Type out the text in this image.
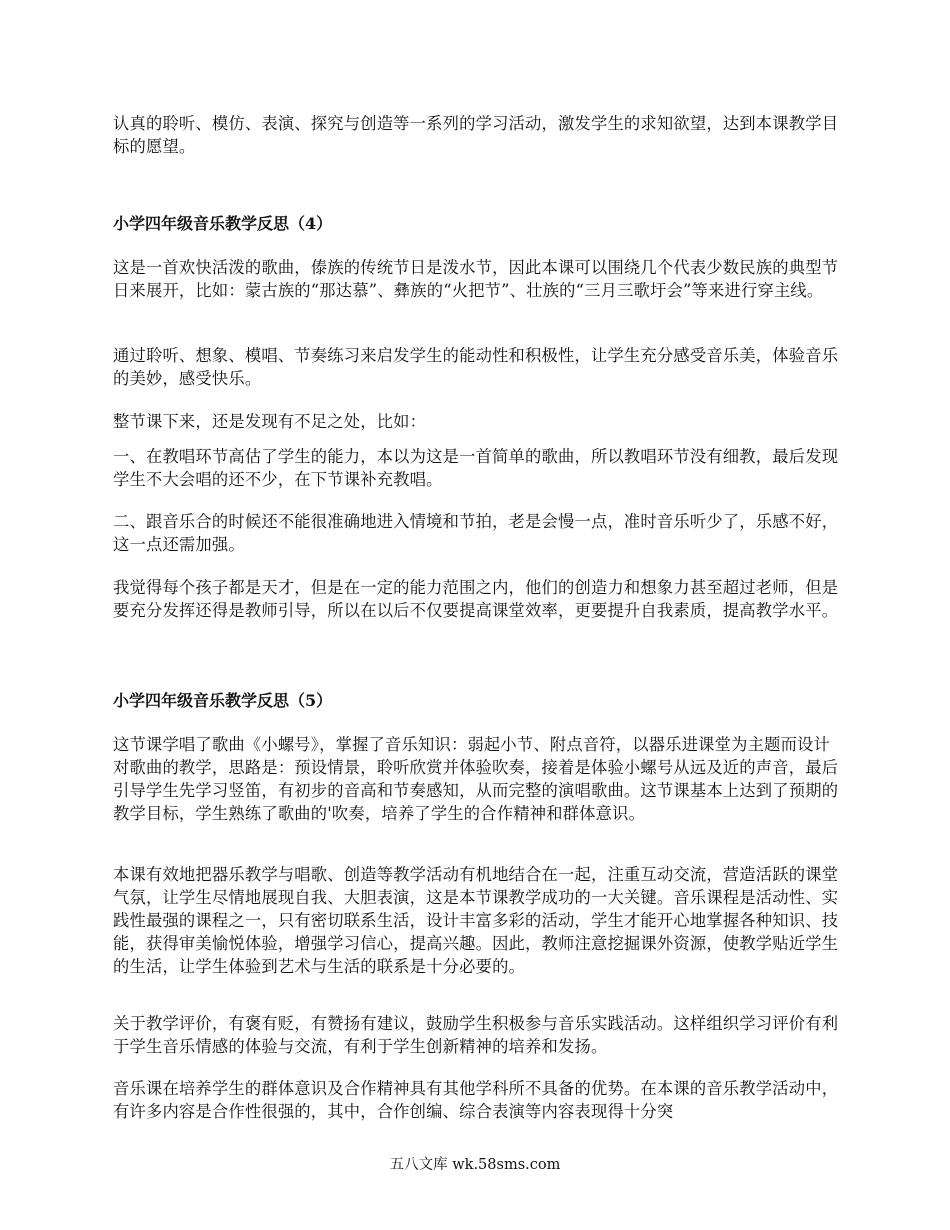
认真的聆听、模仿、表演、探究与创造等一系列的学习活动，激发学生的求知欲望，达到本课教学目标的愿望。

小学四年级音乐教学反思（4）

这是一首欢快活泼的歌曲，傣族的传统节日是泼水节，因此本课可以围绕几个代表少数民族的典型节日来展开，比如：蒙古族的“那达慕”、彝族的“火把节”、壮族的“三月三歌圩会”等来进行穿主线。

通过聆听、想象、模唱、节奏练习来启发学生的能动性和积极性，让学生充分感受音乐美，体验音乐的美妙，感受快乐。

整节课下来，还是发现有不足之处，比如：

一、在教唱环节高估了学生的能力，本以为这是一首简单的歌曲，所以教唱环节没有细教，最后发现学生不大会唱的还不少，在下节课补充教唱。

二、跟音乐合的时候还不能很准确地进入情境和节拍，老是会慢一点，准时音乐听少了，乐感不好，这一点还需加强。

我觉得每个孩子都是天才，但是在一定的能力范围之内，他们的创造力和想象力甚至超过老师，但是要充分发挥还得是教师引导，所以在以后不仅要提高课堂效率，更要提升自我素质，提高教学水平。

小学四年级音乐教学反思（5）

这节课学唱了歌曲《小螺号》，掌握了音乐知识：弱起小节、附点音符，以器乐进课堂为主题而设计对歌曲的教学，思路是：预设情景，聆听欣赏并体验吹奏，接着是体验小螺号从远及近的声音，最后引导学生先学习竖笛，有初步的音高和节奏感知，从而完整的演唱歌曲。这节课基本上达到了预期的教学目标，学生熟练了歌曲的'吹奏，培养了学生的合作精神和群体意识。

本课有效地把器乐教学与唱歌、创造等教学活动有机地结合在一起，注重互动交流，营造活跃的课堂气氛，让学生尽情地展现自我、大胆表演，这是本节课教学成功的一大关键。音乐课程是活动性、实践性最强的课程之一，只有密切联系生活，设计丰富多彩的活动，学生才能开心地掌握各种知识、技能，获得审美愉悦体验，增强学习信心，提高兴趣。因此，教师注意挖掘课外资源，使教学贴近学生的生活，让学生体验到艺术与生活的联系是十分必要的。

关于教学评价，有褒有贬，有赞扬有建议，鼓励学生积极参与音乐实践活动。这样组织学习评价有利于学生音乐情感的体验与交流，有利于学生创新精神的培养和发扬。

音乐课在培养学生的群体意识及合作精神具有其他学科所不具备的优势。在本课的音乐教学活动中，有许多内容是合作性很强的，其中，合作创编、综合表演等内容表现得十分突

五八文库 wk.58sms.com
